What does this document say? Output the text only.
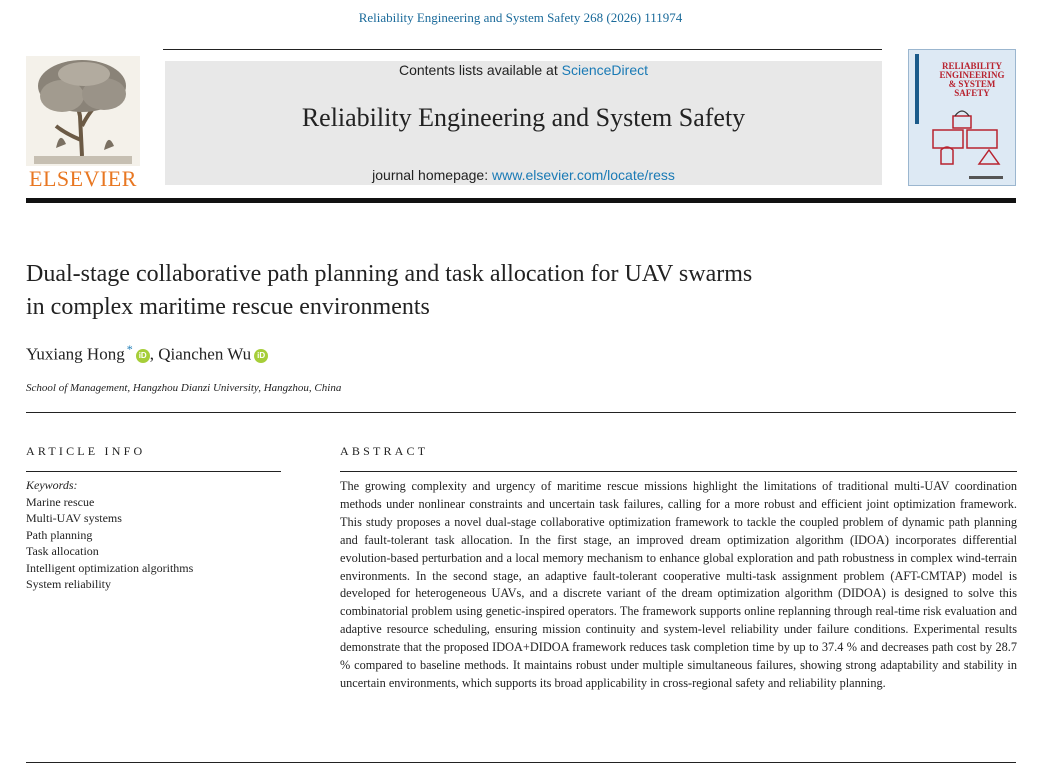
Reliability Engineering and System Safety 268 (2026) 111974
ELSEVIER
Contents lists available at ScienceDirect
Reliability Engineering and System Safety
journal homepage: www.elsevier.com/locate/ress
RELIABILITY
ENGINEERING
& SYSTEM
SAFETY
Dual-stage collaborative path planning and task allocation for UAV swarms
in complex maritime rescue environments
Yuxiang Hong * iD , Qianchen Wu iD
School of Management, Hangzhou Dianzi University, Hangzhou, China
ARTICLE INFO	ABSTRACT
Keywords:
Marine rescue
Multi-UAV systems
Path planning
Task allocation
Intelligent optimization algorithms
System reliability

The growing complexity and urgency of maritime rescue missions highlight the limitations of traditional multi-UAV coordination methods under nonlinear constraints and uncertain task failures, calling for a more robust and efficient joint optimization framework. This study proposes a novel dual-stage collaborative optimization framework to tackle the coupled problem of dynamic path planning and fault-tolerant task allocation. In the first stage, an improved dream optimization algorithm (IDOA) incorporates differential evolution-based perturbation and a local memory mechanism to enhance global exploration and path robustness in complex wind-terrain environments. In the second stage, an adaptive fault-tolerant cooperative multi-task assignment problem (AFT-CMTAP) model is developed for heterogeneous UAVs, and a discrete variant of the dream optimization algorithm (DIDOA) is designed to solve this combinatorial problem using genetic-inspired operators. The framework supports online replanning through real-time risk evaluation and adaptive resource scheduling, ensuring mission continuity and system-level reliability under failure conditions. Experimental results demonstrate that the proposed IDOA+DIDOA framework reduces task completion time by up to 37.4 % and decreases path cost by 28.7 % compared to baseline methods. It maintains robust under multiple simultaneous failures, showing strong adaptability and stability in uncertain environments, which supports its broad applicability in cross-regional safety and reliability planning.
